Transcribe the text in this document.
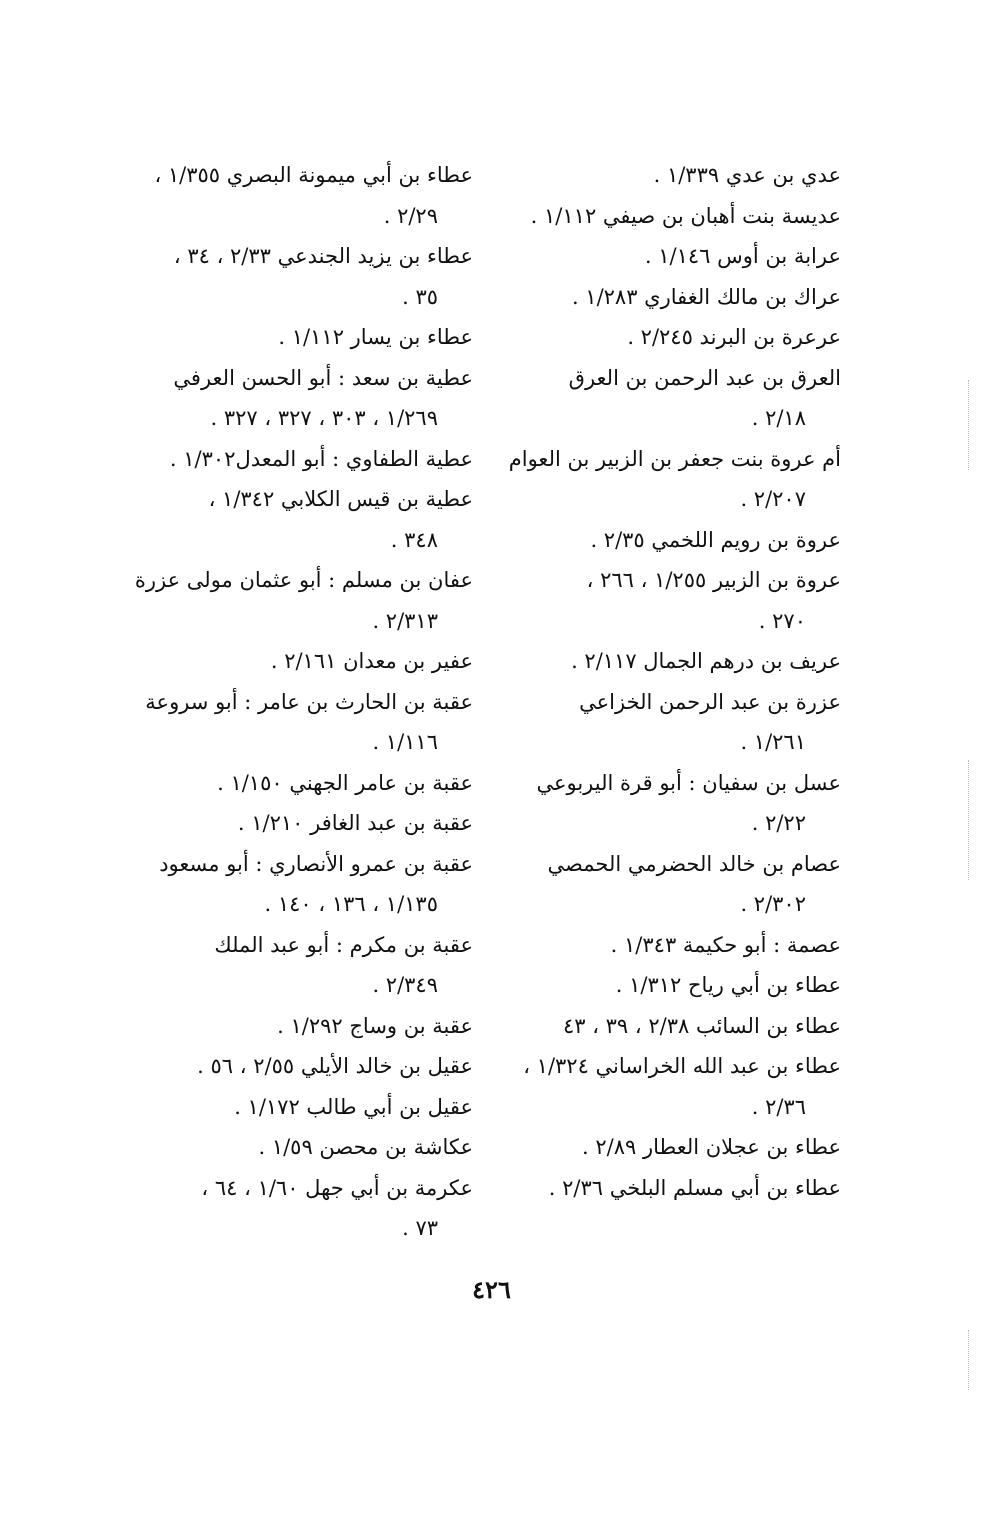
عدي بن عدي ١/٣٣٩ .
عديسة بنت أهبان بن صيفي ١/١١٢ .
عرابة بن أوس ١/١٤٦ .
عراك بن مالك الغفاري ١/٢٨٣ .
عرعرة بن البرند ٢/٢٤٥ .
العرق بن عبد الرحمن بن العرق
٢/١٨ .
أم عروة بنت جعفر بن الزبير بن العوام
٢/٢٠٧ .
عروة بن رويم اللخمي ٢/٣٥ .
عروة بن الزبير ١/٢٥٥ ، ٢٦٦ ،
٢٧٠ .
عريف بن درهم الجمال ٢/١١٧ .
عزرة بن عبد الرحمن الخزاعي
١/٢٦١ .
عسل بن سفيان : أبو قرة اليربوعي
٢/٢٢ .
عصام بن خالد الحضرمي الحمصي
٢/٣٠٢ .
عصمة : أبو حكيمة ١/٣٤٣ .
عطاء بن أبي رياح ١/٣١٢ .
عطاء بن السائب ٢/٣٨ ، ٣٩ ، ٤٣
عطاء بن عبد الله الخراساني ١/٣٢٤ ،
٢/٣٦ .
عطاء بن عجلان العطار ٢/٨٩ .
عطاء بن أبي مسلم البلخي ٢/٣٦ .
عطاء بن أبي ميمونة البصري ١/٣٥٥ ،
٢/٢٩ .
عطاء بن يزيد الجندعي ٢/٣٣ ، ٣٤ ،
٣٥ .
عطاء بن يسار ١/١١٢ .
عطية بن سعد : أبو الحسن العرفي
١/٢٦٩ ، ٣٠٣ ، ٣٢٧ ، ٣٢٧ .
عطية الطفاوي : أبو المعدل١/٣٠٢ .
عطية بن قيس الكلابي ١/٣٤٢ ،
٣٤٨ .
عفان بن مسلم : أبو عثمان مولى عزرة
٢/٣١٣ .
عفير بن معدان ٢/١٦١ .
عقبة بن الحارث بن عامر : أبو سروعة
١/١١٦ .
عقبة بن عامر الجهني ١/١٥٠ .
عقبة بن عبد الغافر ١/٢١٠ .
عقبة بن عمرو الأنصاري : أبو مسعود
١/١٣٥ ، ١٣٦ ، ١٤٠ .
عقبة بن مكرم : أبو عبد الملك
٢/٣٤٩ .
عقبة بن وساج ١/٢٩٢ .
عقيل بن خالد الأيلي ٢/٥٥ ، ٥٦ .
عقيل بن أبي طالب ١/١٧٢ .
عكاشة بن محصن ١/٥٩ .
عكرمة بن أبي جهل ١/٦٠ ، ٦٤ ،
٧٣ .
٤٢٦
